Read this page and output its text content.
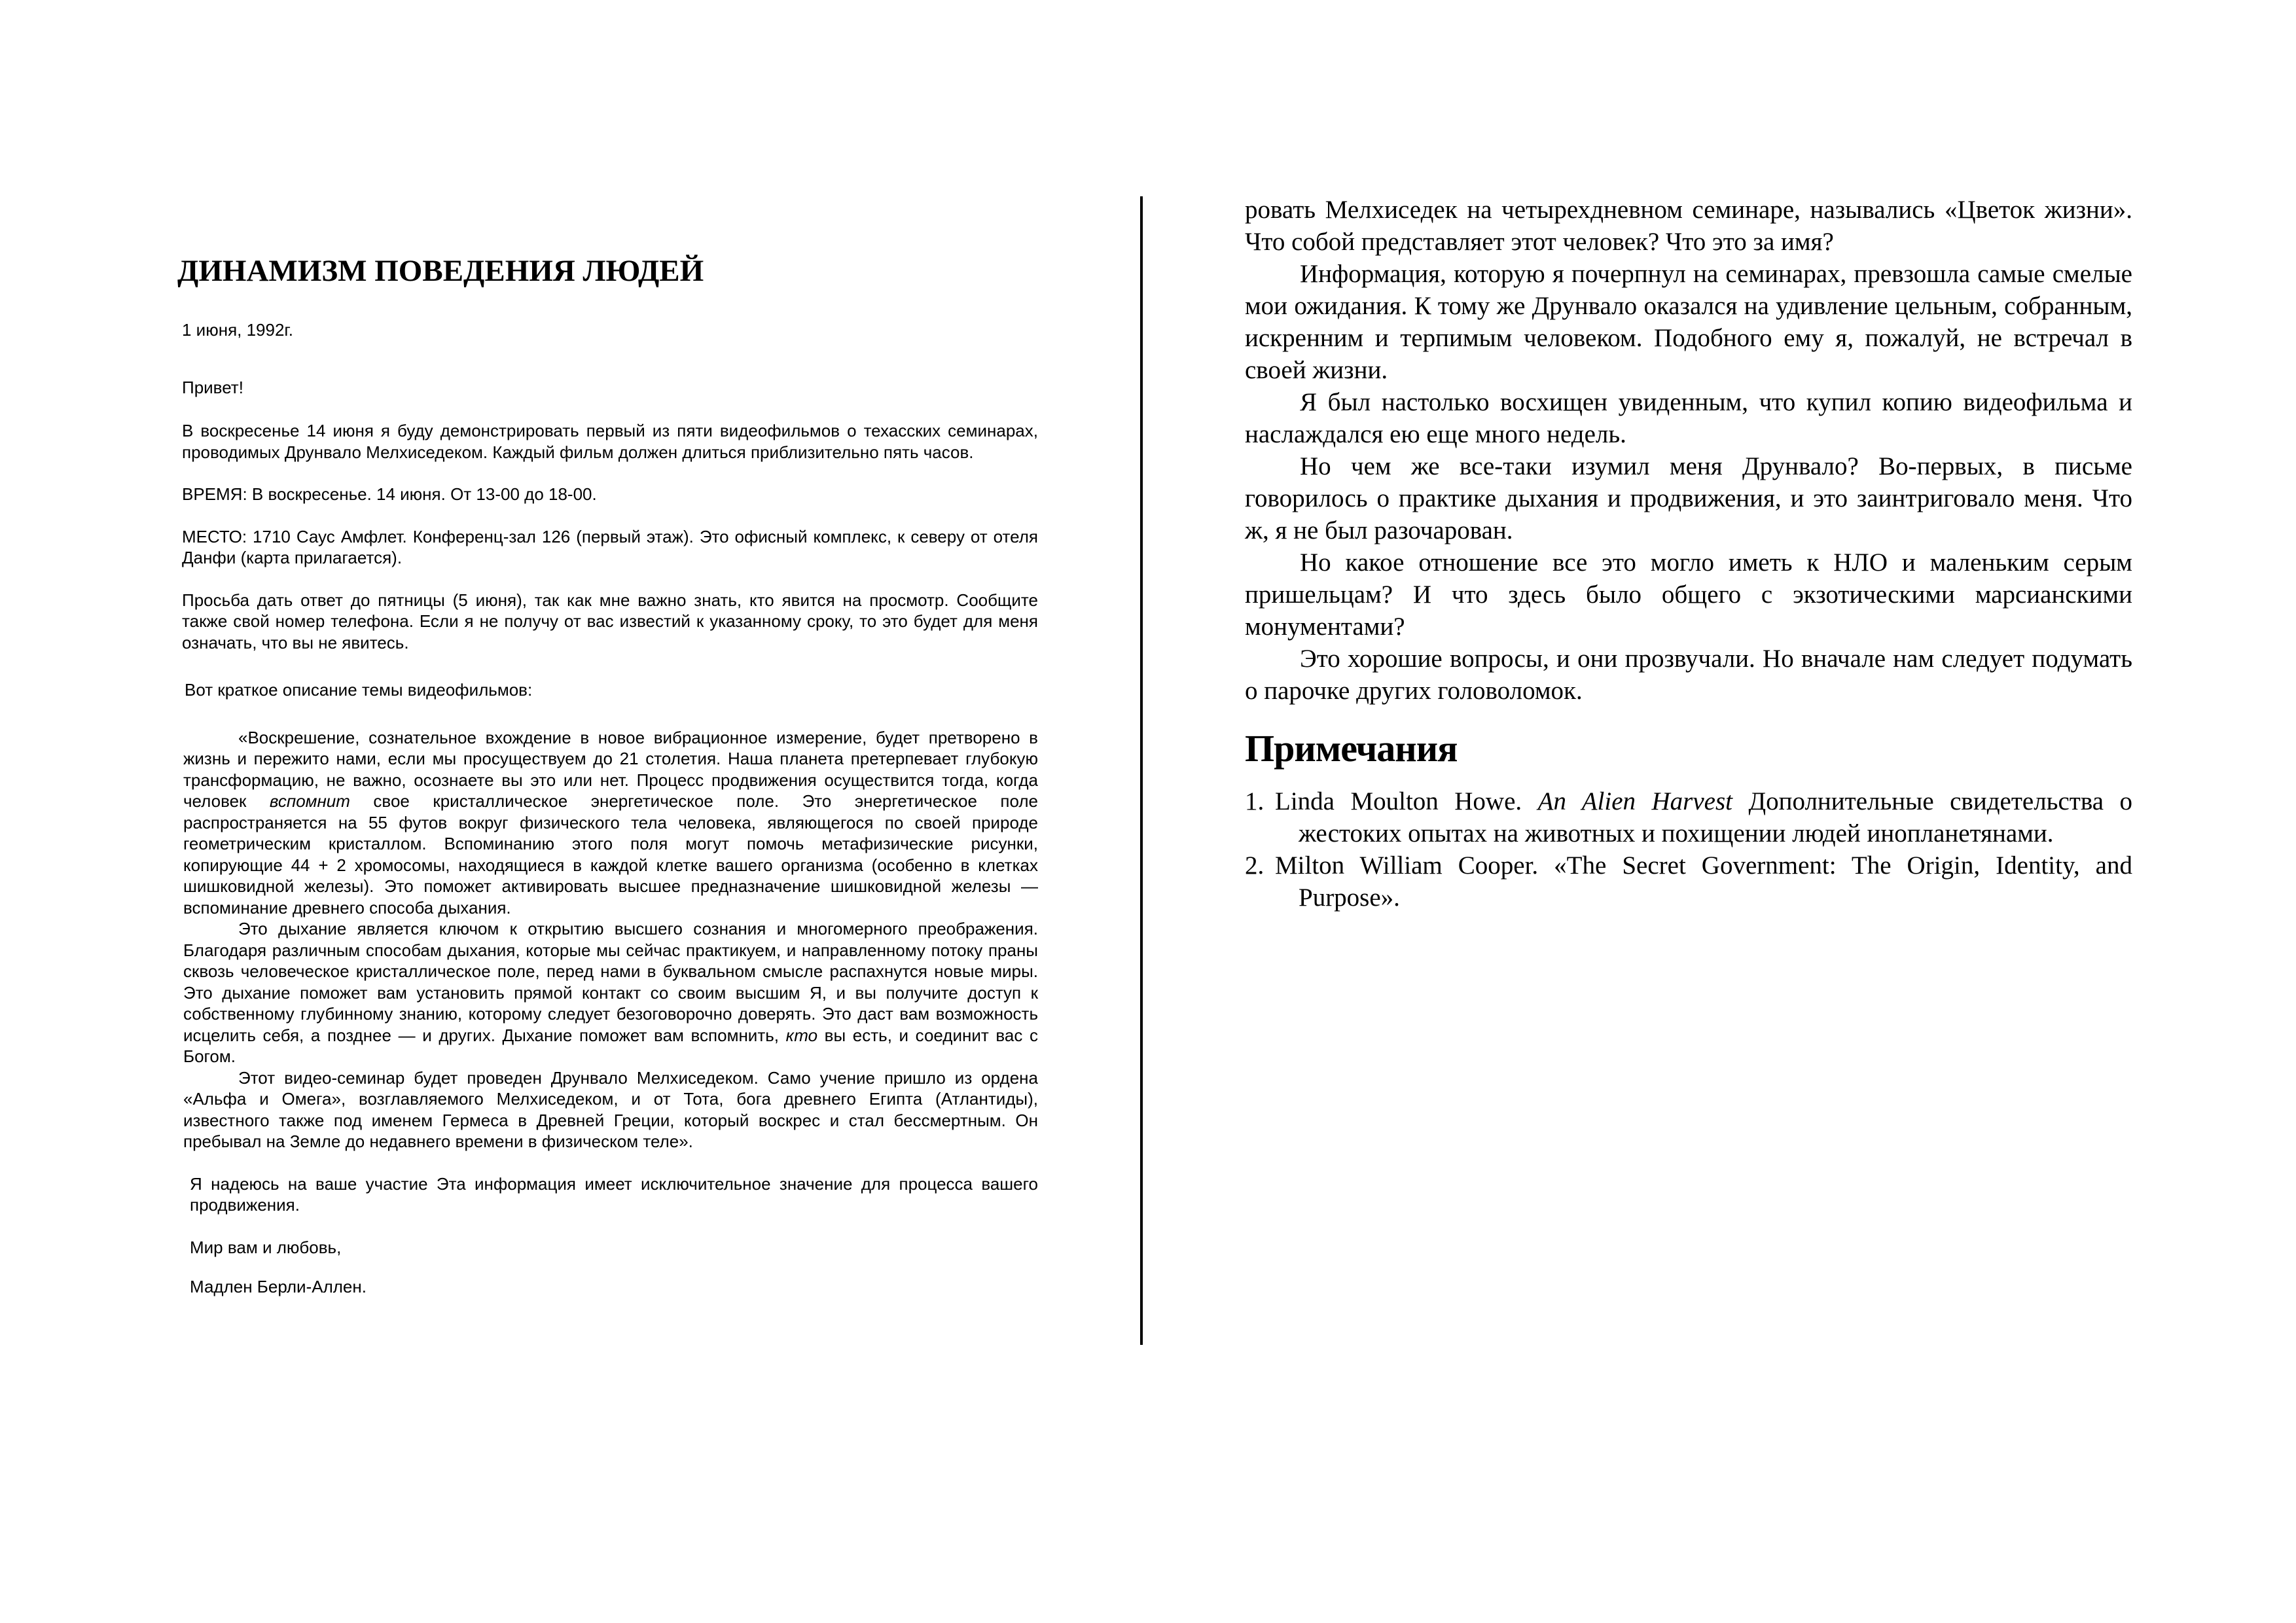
ДИНАМИЗМ ПОВЕДЕНИЯ ЛЮДЕЙ
1 июня, 1992г.
Привет!

В воскресенье 14 июня я буду демонстрировать первый из пяти видеофильмов о техасских семинарах, проводимых Друнвало Мелхиседеком. Каждый фильм должен длиться приблизительно пять часов.

ВРЕМЯ: В воскресенье. 14 июня. От 13-00 до 18-00.

МЕСТО: 1710 Саус Амфлет. Конференц-зал 126 (первый этаж). Это офисный комплекс, к северу от отеля Данфи (карта прилагается).

Просьба дать ответ до пятницы (5 июня), так как мне важно знать, кто явится на просмотр. Сообщите также свой номер телефона. Если я не получу от вас известий к указанному сроку, то это будет для меня означать, что вы не явитесь.

Вот краткое описание темы видеофильмов:

«Воскрешение, сознательное вхождение в новое вибрационное измерение, будет претворено в жизнь и пережито нами, если мы просуществуем до 21 столетия. Наша планета претерпевает глубокую трансформацию, не важно, осознаете вы это или нет. Процесс продвижения осуществится тогда, когда человек вспомнит свое кристаллическое энергетическое поле. Это энергетическое поле распространяется на 55 футов вокруг физического тела человека, являющегося по своей природе геометрическим кристаллом. Вспоминанию этого поля могут помочь метафизические рисунки, копирующие 44 + 2 хромосомы, находящиеся в каждой клетке вашего организма (особенно в клетках шишковидной железы). Это поможет активировать высшее предназначение шишковидной железы — вспоминание древнего способа дыхания.

Это дыхание является ключом к открытию высшего сознания и многомерного преображения. Благодаря различным способам дыхания, которые мы сейчас практикуем, и направленному потоку праны сквозь человеческое кристаллическое поле, перед нами в буквальном смысле распахнутся новые миры. Это дыхание поможет вам установить прямой контакт со своим высшим Я, и вы получите доступ к собственному глубинному знанию, которому следует безоговорочно доверять. Это даст вам возможность исцелить себя, а позднее — и других. Дыхание поможет вам вспомнить, кто вы есть, и соединит вас с Богом.

Этот видео-семинар будет проведен Друнвало Мелхиседеком. Само учение пришло из ордена «Альфа и Омега», возглавляемого Мелхиседеком, и от Тота, бога древнего Египта (Атлантиды), известного также под именем Гермеса в Древней Греции, который воскрес и стал бессмертным. Он пребывал на Земле до недавнего времени в физическом теле».

Я надеюсь на ваше участие Эта информация имеет исключительное значение для процесса вашего продвижения.

Мир вам и любовь,

Мадлен Берли-Аллен.

ровать Мелхиседек на четырехдневном семинаре, назывались «Цветок жизни». Что собой представляет этот человек? Что это за имя?

Информация, которую я почерпнул на семинарах, превзошла самые смелые мои ожидания. К тому же Друнвало оказался на удивление цельным, собранным, искренним и терпимым человеком. Подобного ему я, пожалуй, не встречал в своей жизни.

Я был настолько восхищен увиденным, что купил копию видеофильма и наслаждался ею еще много недель.

Но чем же все-таки изумил меня Друнвало? Во-первых, в письме говорилось о практике дыхания и продвижения, и это заинтриговало меня. Что ж, я не был разочарован.

Но какое отношение все это могло иметь к НЛО и маленьким серым пришельцам? И что здесь было общего с экзотическими марсианскими монументами?

Это хорошие вопросы, и они прозвучали. Но вначале нам следует подумать о парочке других головоломок.

Примечания

1. Linda Moulton Howe. An Alien Harvest Дополнительные свидетельства о жестоких опытах на животных и похищении людей инопланетянами.

2. Milton William Cooper. «The Secret Government: The Origin, Identity, and Purpose».
